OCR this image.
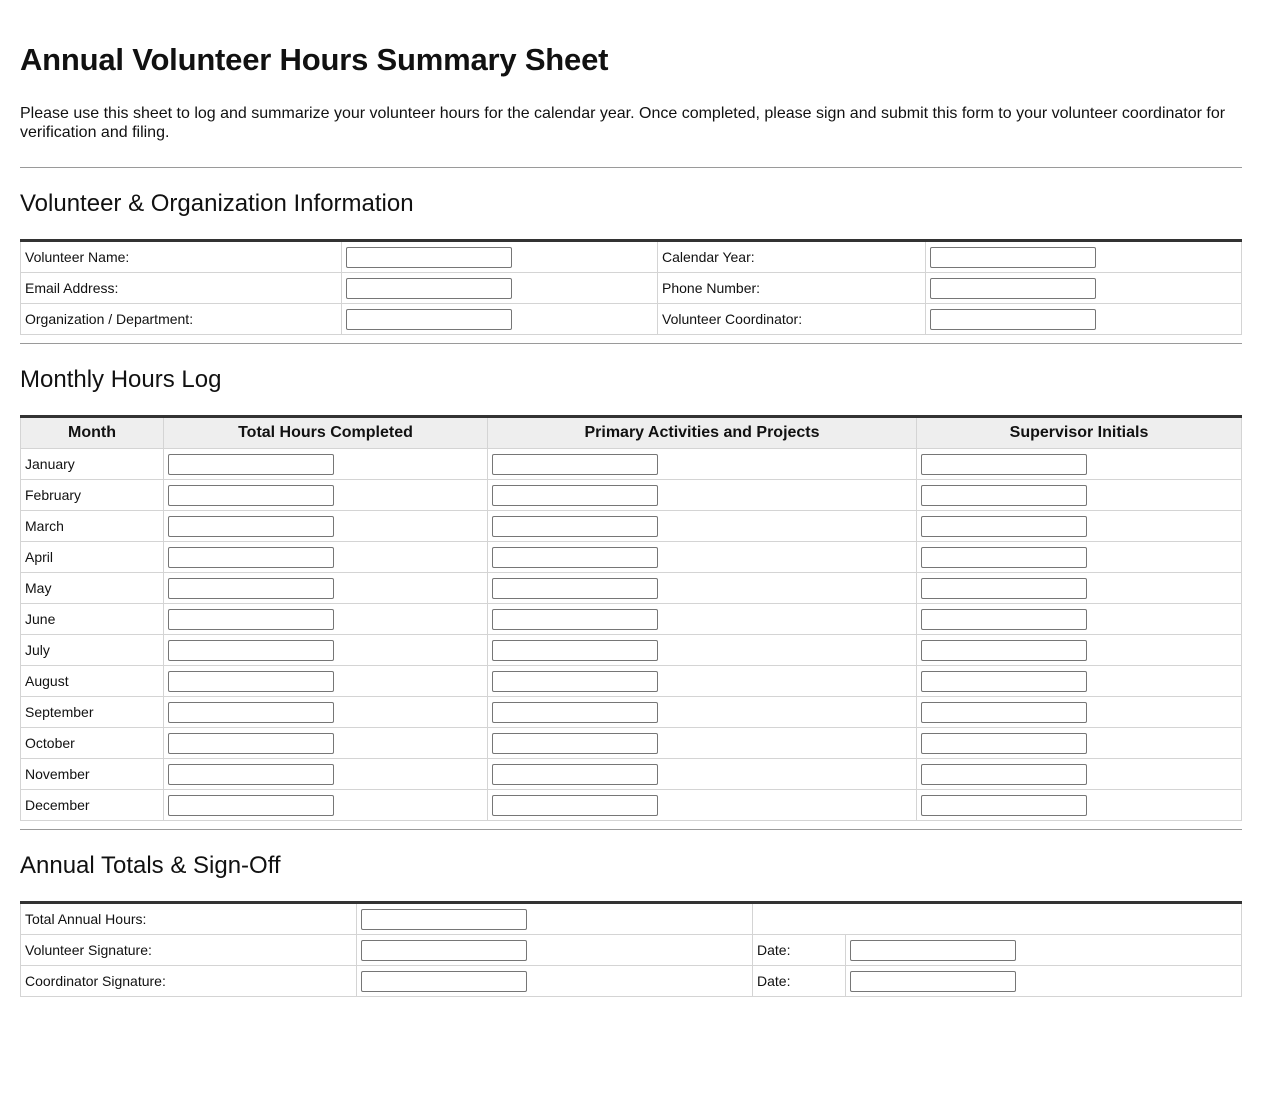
Annual Volunteer Hours Summary Sheet

Please use this sheet to log and summarize your volunteer hours for the calendar year. Once completed, please sign and submit this form to your volunteer coordinator for verification and filing.

Volunteer & Organization Information
Volunteer Name:		Calendar Year:	

Email Address:		Phone Number:	

Organization / Department:		Volunteer Coordinator:	
Monthly Hours Log
Month	Total Hours Completed	Primary Activities and Projects	Supervisor Initials
January	

February	

March	

April	

May	

June	

July	

August	

September	

October	

November	

December	

Annual Totals & Sign-Off
Total Annual Hours:	

Volunteer Signature:		Date:	

Coordinator Signature:		Date:	
